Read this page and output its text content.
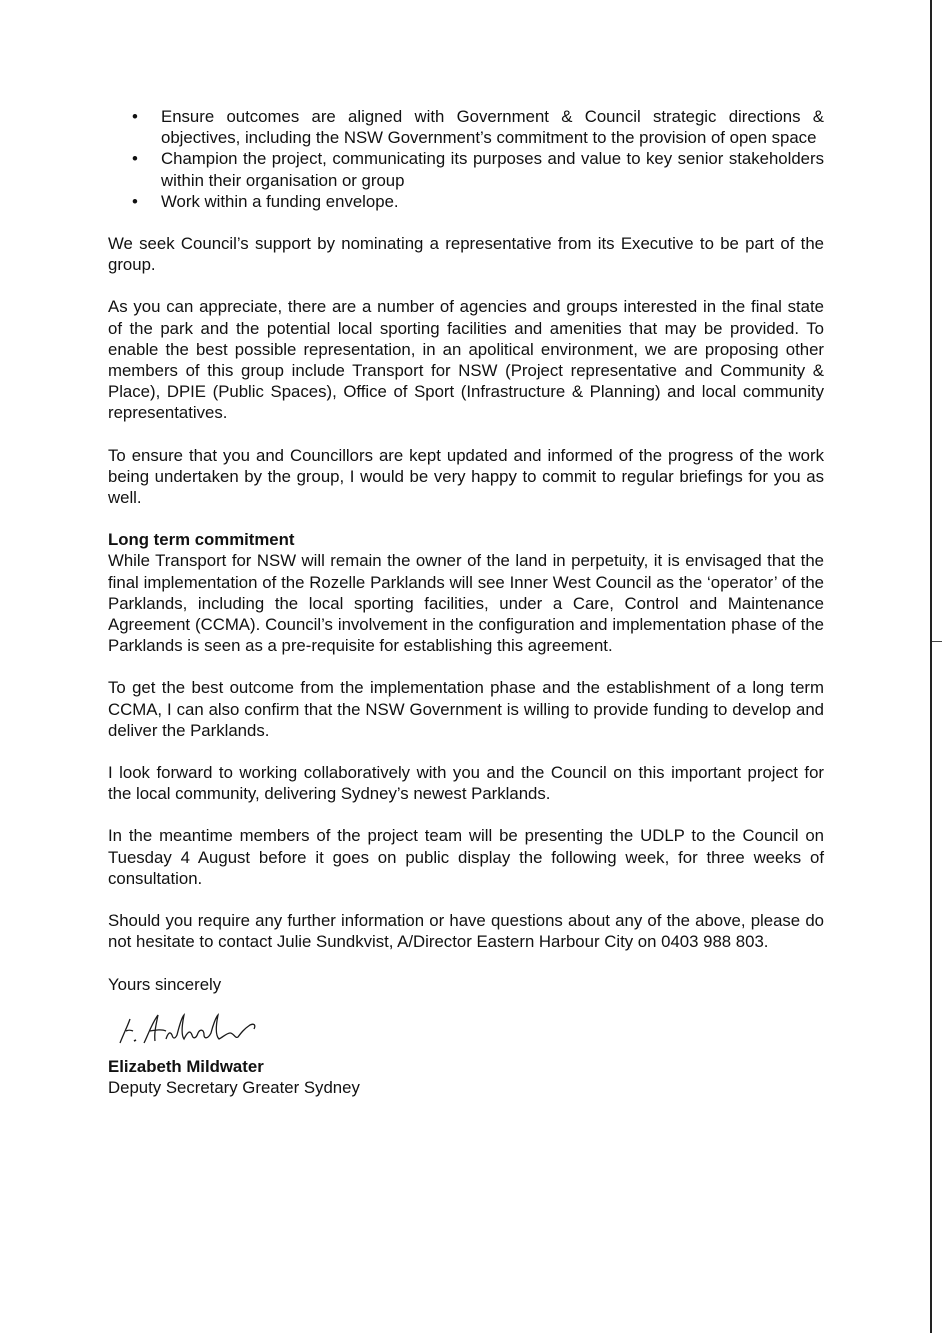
• Ensure outcomes are aligned with Government & Council strategic directions & objectives, including the NSW Government’s commitment to the provision of open space
• Champion the project, communicating its purposes and value to key senior stakeholders within their organisation or group
• Work within a funding envelope.

We seek Council’s support by nominating a representative from its Executive to be part of the group.

As you can appreciate, there are a number of agencies and groups interested in the final state of the park and the potential local sporting facilities and amenities that may be provided. To enable the best possible representation, in an apolitical environment, we are proposing other members of this group include Transport for NSW (Project representative and Community & Place), DPIE (Public Spaces), Office of Sport (Infrastructure & Planning) and local community representatives.

To ensure that you and Councillors are kept updated and informed of the progress of the work being undertaken by the group, I would be very happy to commit to regular briefings for you as well.

Long term commitment
While Transport for NSW will remain the owner of the land in perpetuity, it is envisaged that the final implementation of the Rozelle Parklands will see Inner West Council as the ‘operator’ of the Parklands, including the local sporting facilities, under a Care, Control and Maintenance Agreement (CCMA). Council’s involvement in the configuration and implementation phase of the Parklands is seen as a pre-requisite for establishing this agreement.

To get the best outcome from the implementation phase and the establishment of a long term CCMA, I can also confirm that the NSW Government is willing to provide funding to develop and deliver the Parklands.

I look forward to working collaboratively with you and the Council on this important project for the local community, delivering Sydney’s newest Parklands.

In the meantime members of the project team will be presenting the UDLP to the Council on Tuesday 4 August before it goes on public display the following week, for three weeks of consultation.

Should you require any further information or have questions about any of the above, please do not hesitate to contact Julie Sundkvist, A/Director Eastern Harbour City on 0403 988 803.

Yours sincerely

Elizabeth Mildwater

Deputy Secretary Greater Sydney
